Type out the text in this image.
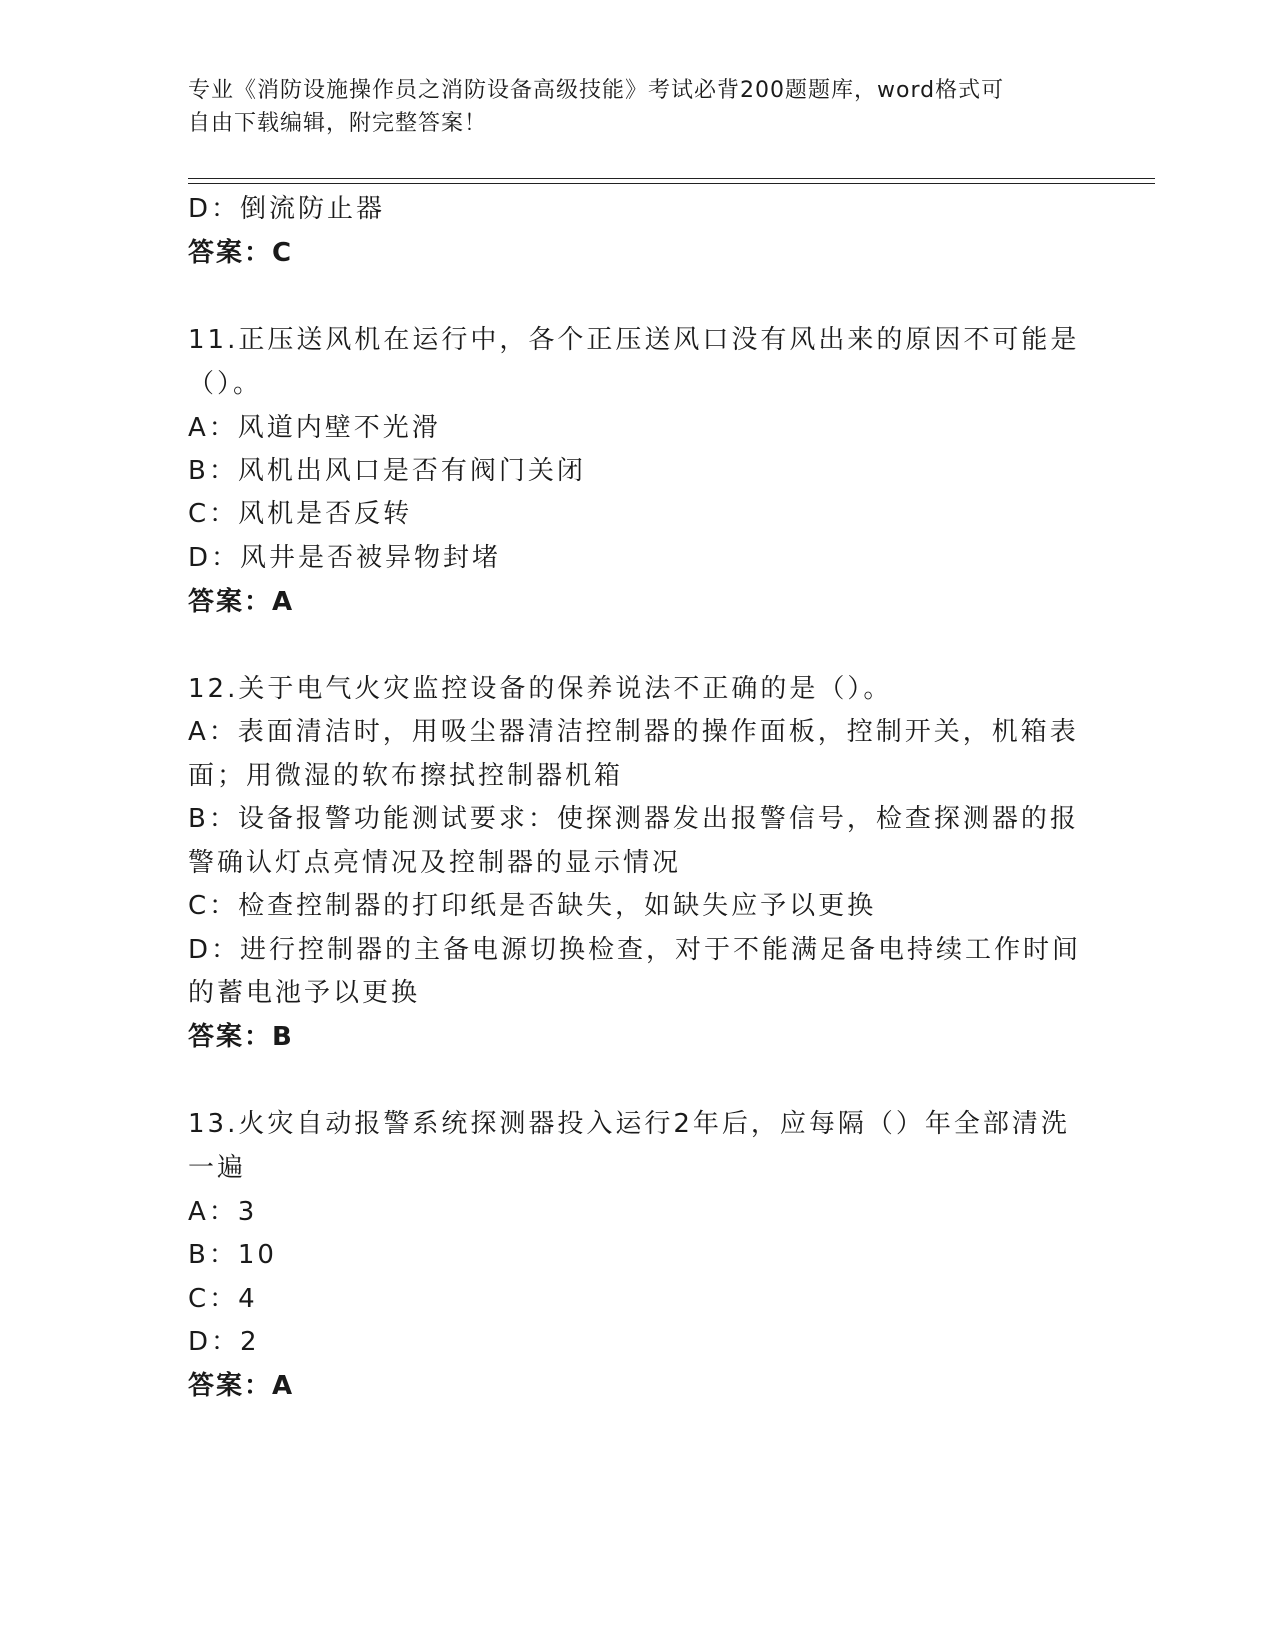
专业《消防设施操作员之消防设备高级技能》考试必背200题题库，word格式可
自由下载编辑，附完整答案！
D：倒流防止器
答案：C
11.正压送风机在运行中，各个正压送风口没有风出来的原因不可能是
（）。
A：风道内壁不光滑
B：风机出风口是否有阀门关闭
C：风机是否反转
D：风井是否被异物封堵
答案：A
12.关于电气火灾监控设备的保养说法不正确的是（）。
A：表面清洁时，用吸尘器清洁控制器的操作面板，控制开关，机箱表
面；用微湿的软布擦拭控制器机箱
B：设备报警功能测试要求：使探测器发出报警信号，检查探测器的报
警确认灯点亮情况及控制器的显示情况
C：检查控制器的打印纸是否缺失，如缺失应予以更换
D：进行控制器的主备电源切换检查，对于不能满足备电持续工作时间
的蓄电池予以更换
答案：B
13.火灾自动报警系统探测器投入运行2年后，应每隔（）年全部清洗
一遍
A：3
B：10
C：4
D：2
答案：A
